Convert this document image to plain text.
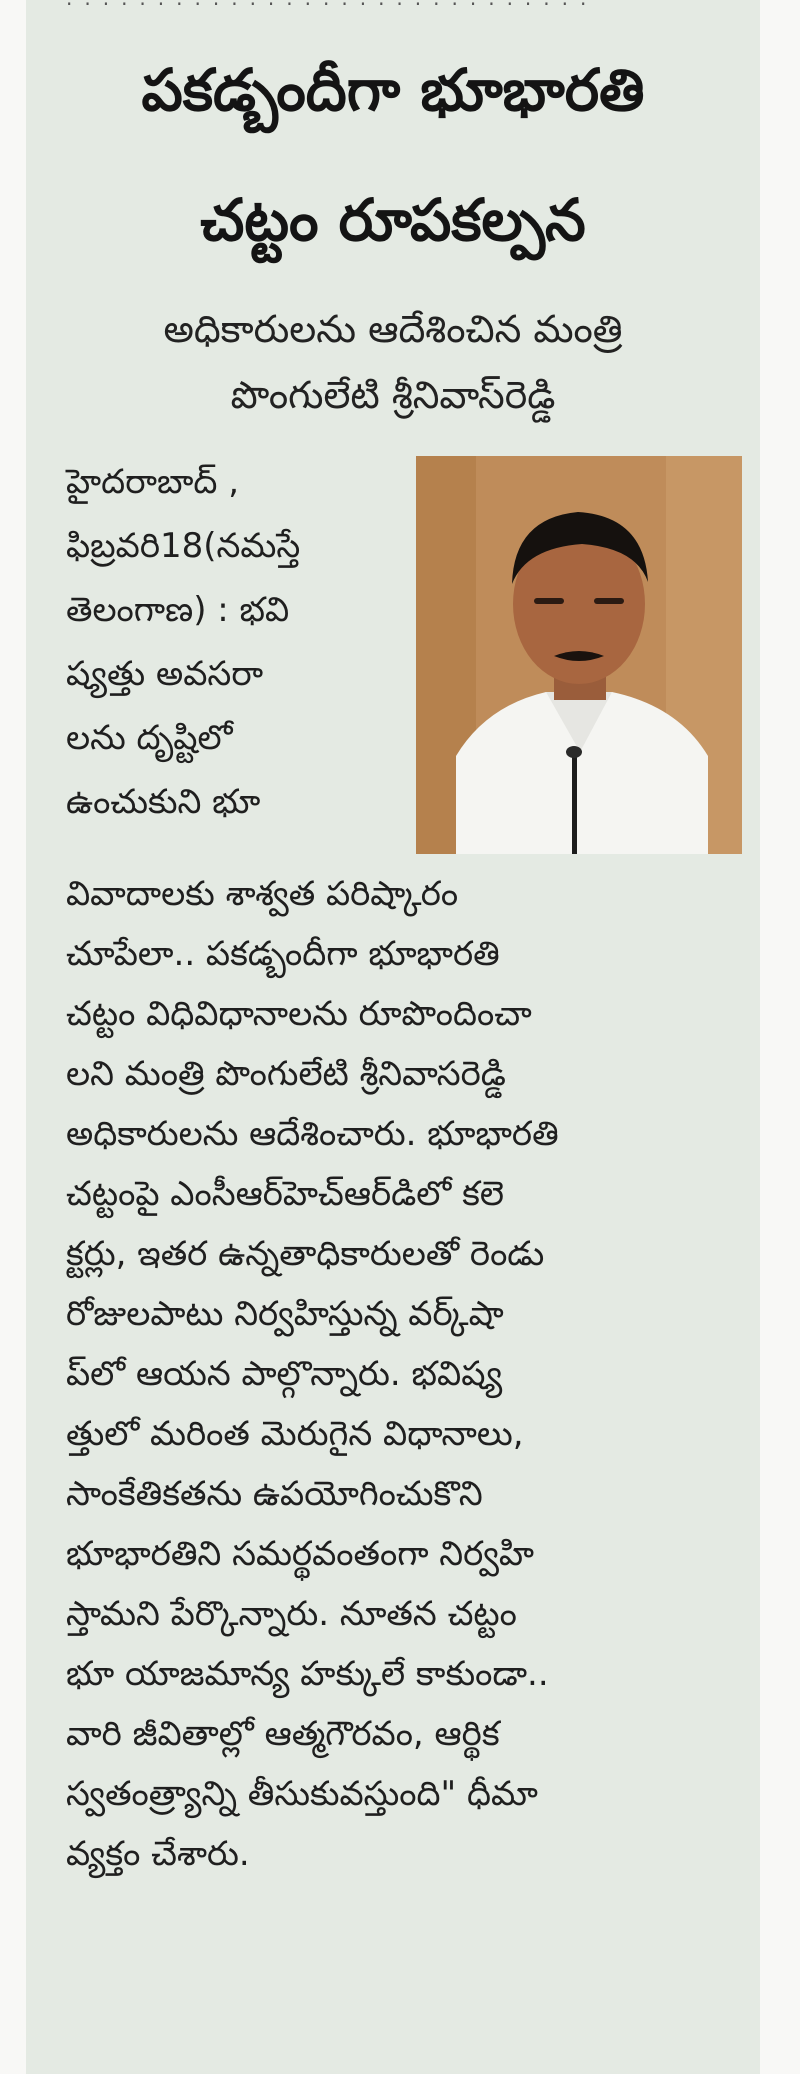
·····························
పకడ్బందీగా భూభారతి
చట్టం రూపకల్పన
అధికారులను ఆదేశించిన మంత్రి
పొంగులేటి శ్రీనివాస్‌రెడ్డి
హైదరాబాద్ ,
ఫిబ్రవరి18(నమస్తే
తెలంగాణ) : భవి
ష్యత్తు అవసరా
లను దృష్టిలో
ఉంచుకుని భూ
వివాదాలకు శాశ్వత పరిష్కారం
చూపేలా.. పకడ్బందీగా భూభారతి
చట్టం విధివిధానాలను రూపొందించా
లని మంత్రి పొంగులేటి శ్రీనివాసరెడ్డి
అధికారులను ఆదేశించారు. భూభారతి
చట్టంపై ఎంసీఆర్‌హెచ్‌ఆర్‌డిలో కలె
క్టర్లు, ఇతర ఉన్నతాధికారులతో రెండు
రోజులపాటు నిర్వహిస్తున్న వర్క్‌షా
ప్‌లో ఆయన పాల్గొన్నారు. భవిష్య
త్తులో మరింత మెరుగైన విధానాలు,
సాంకేతికతను ఉపయోగించుకొని
భూభారతిని సమర్థవంతంగా నిర్వహి
స్తామని పేర్కొన్నారు. నూతన చట్టం
భూ యాజమాన్య హక్కులే కాకుండా..
వారి జీవితాల్లో ఆత్మగౌరవం, ఆర్థిక
స్వతంత్ర్యాన్ని తీసుకువస్తుంది" ధీమా
వ్యక్తం చేశారు.
